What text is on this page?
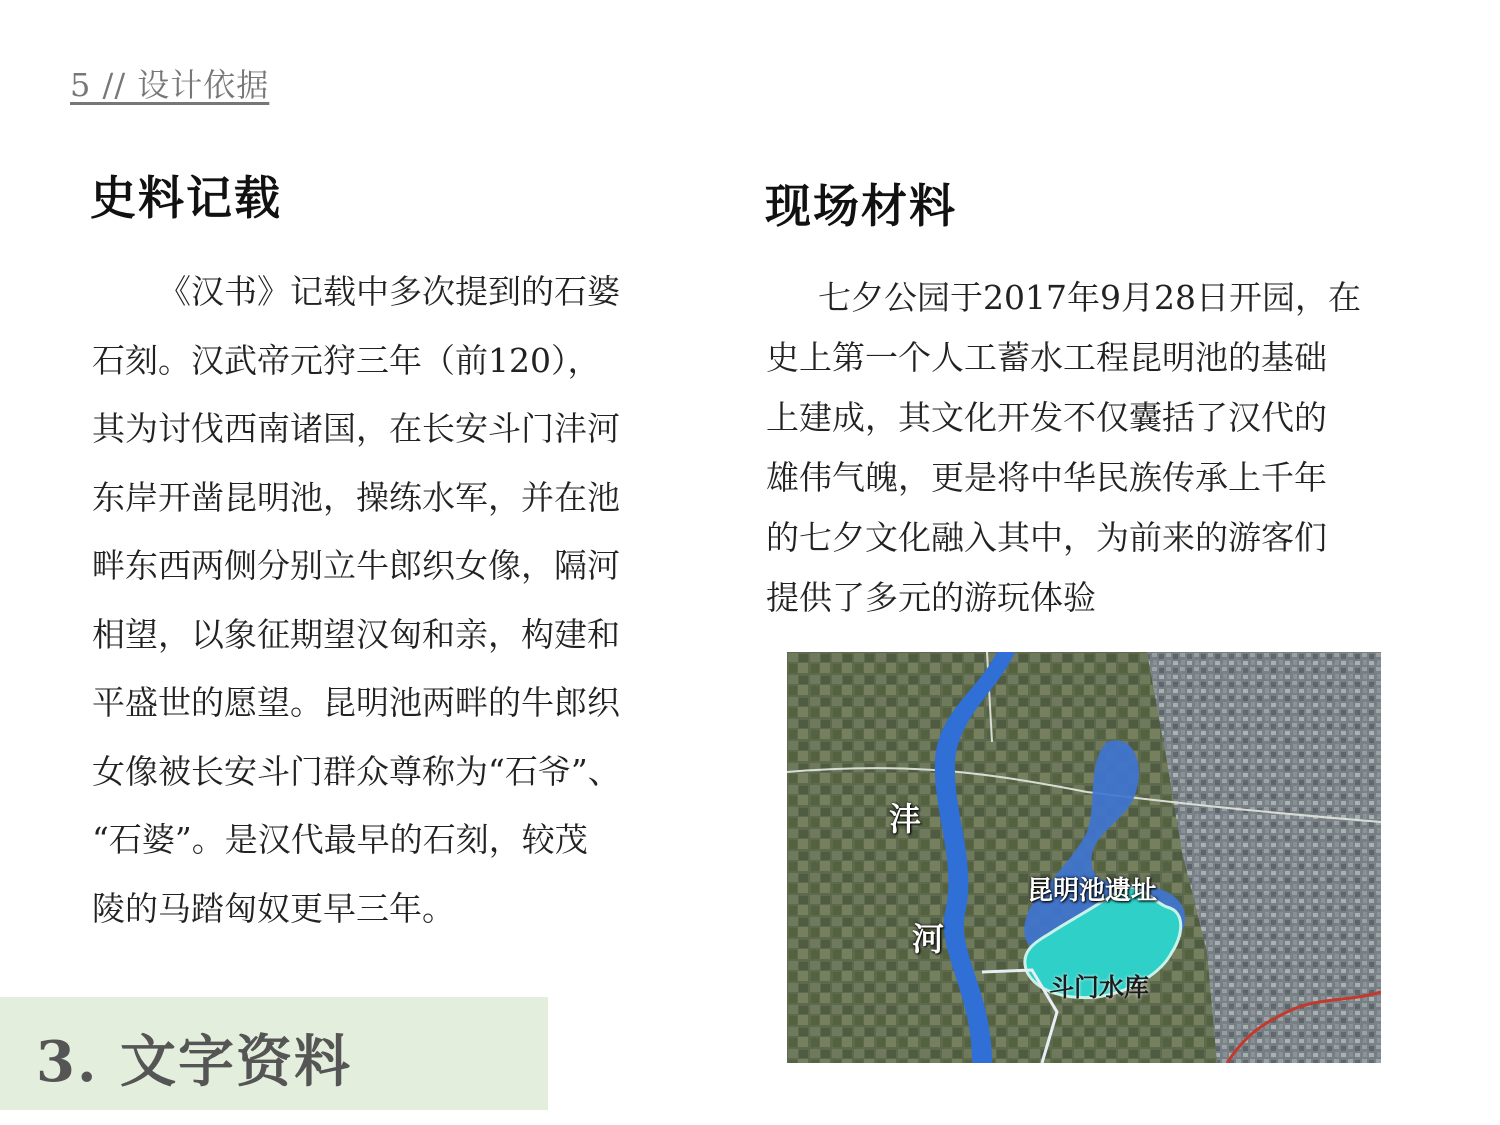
5 // 设计依据
史料记载
《汉书》记载中多次提到的石婆
石刻。汉武帝元狩三年（前120），
其为讨伐西南诸国，在长安斗门沣河
东岸开凿昆明池，操练水军，并在池
畔东西两侧分别立牛郎织女像，隔河
相望，以象征期望汉匈和亲，构建和
平盛世的愿望。昆明池两畔的牛郎织
女像被长安斗门群众尊称为“石爷”、
“石婆”。是汉代最早的石刻，较茂
陵的马踏匈奴更早三年。
现场材料
七夕公园于2017年9月28日开园，在
史上第一个人工蓄水工程昆明池的基础
上建成，其文化开发不仅囊括了汉代的
雄伟气魄，更是将中华民族传承上千年
的七夕文化融入其中，为前来的游客们
提供了多元的游玩体验
沣
河
昆明池遗址
斗门水库
3. 文字资料
